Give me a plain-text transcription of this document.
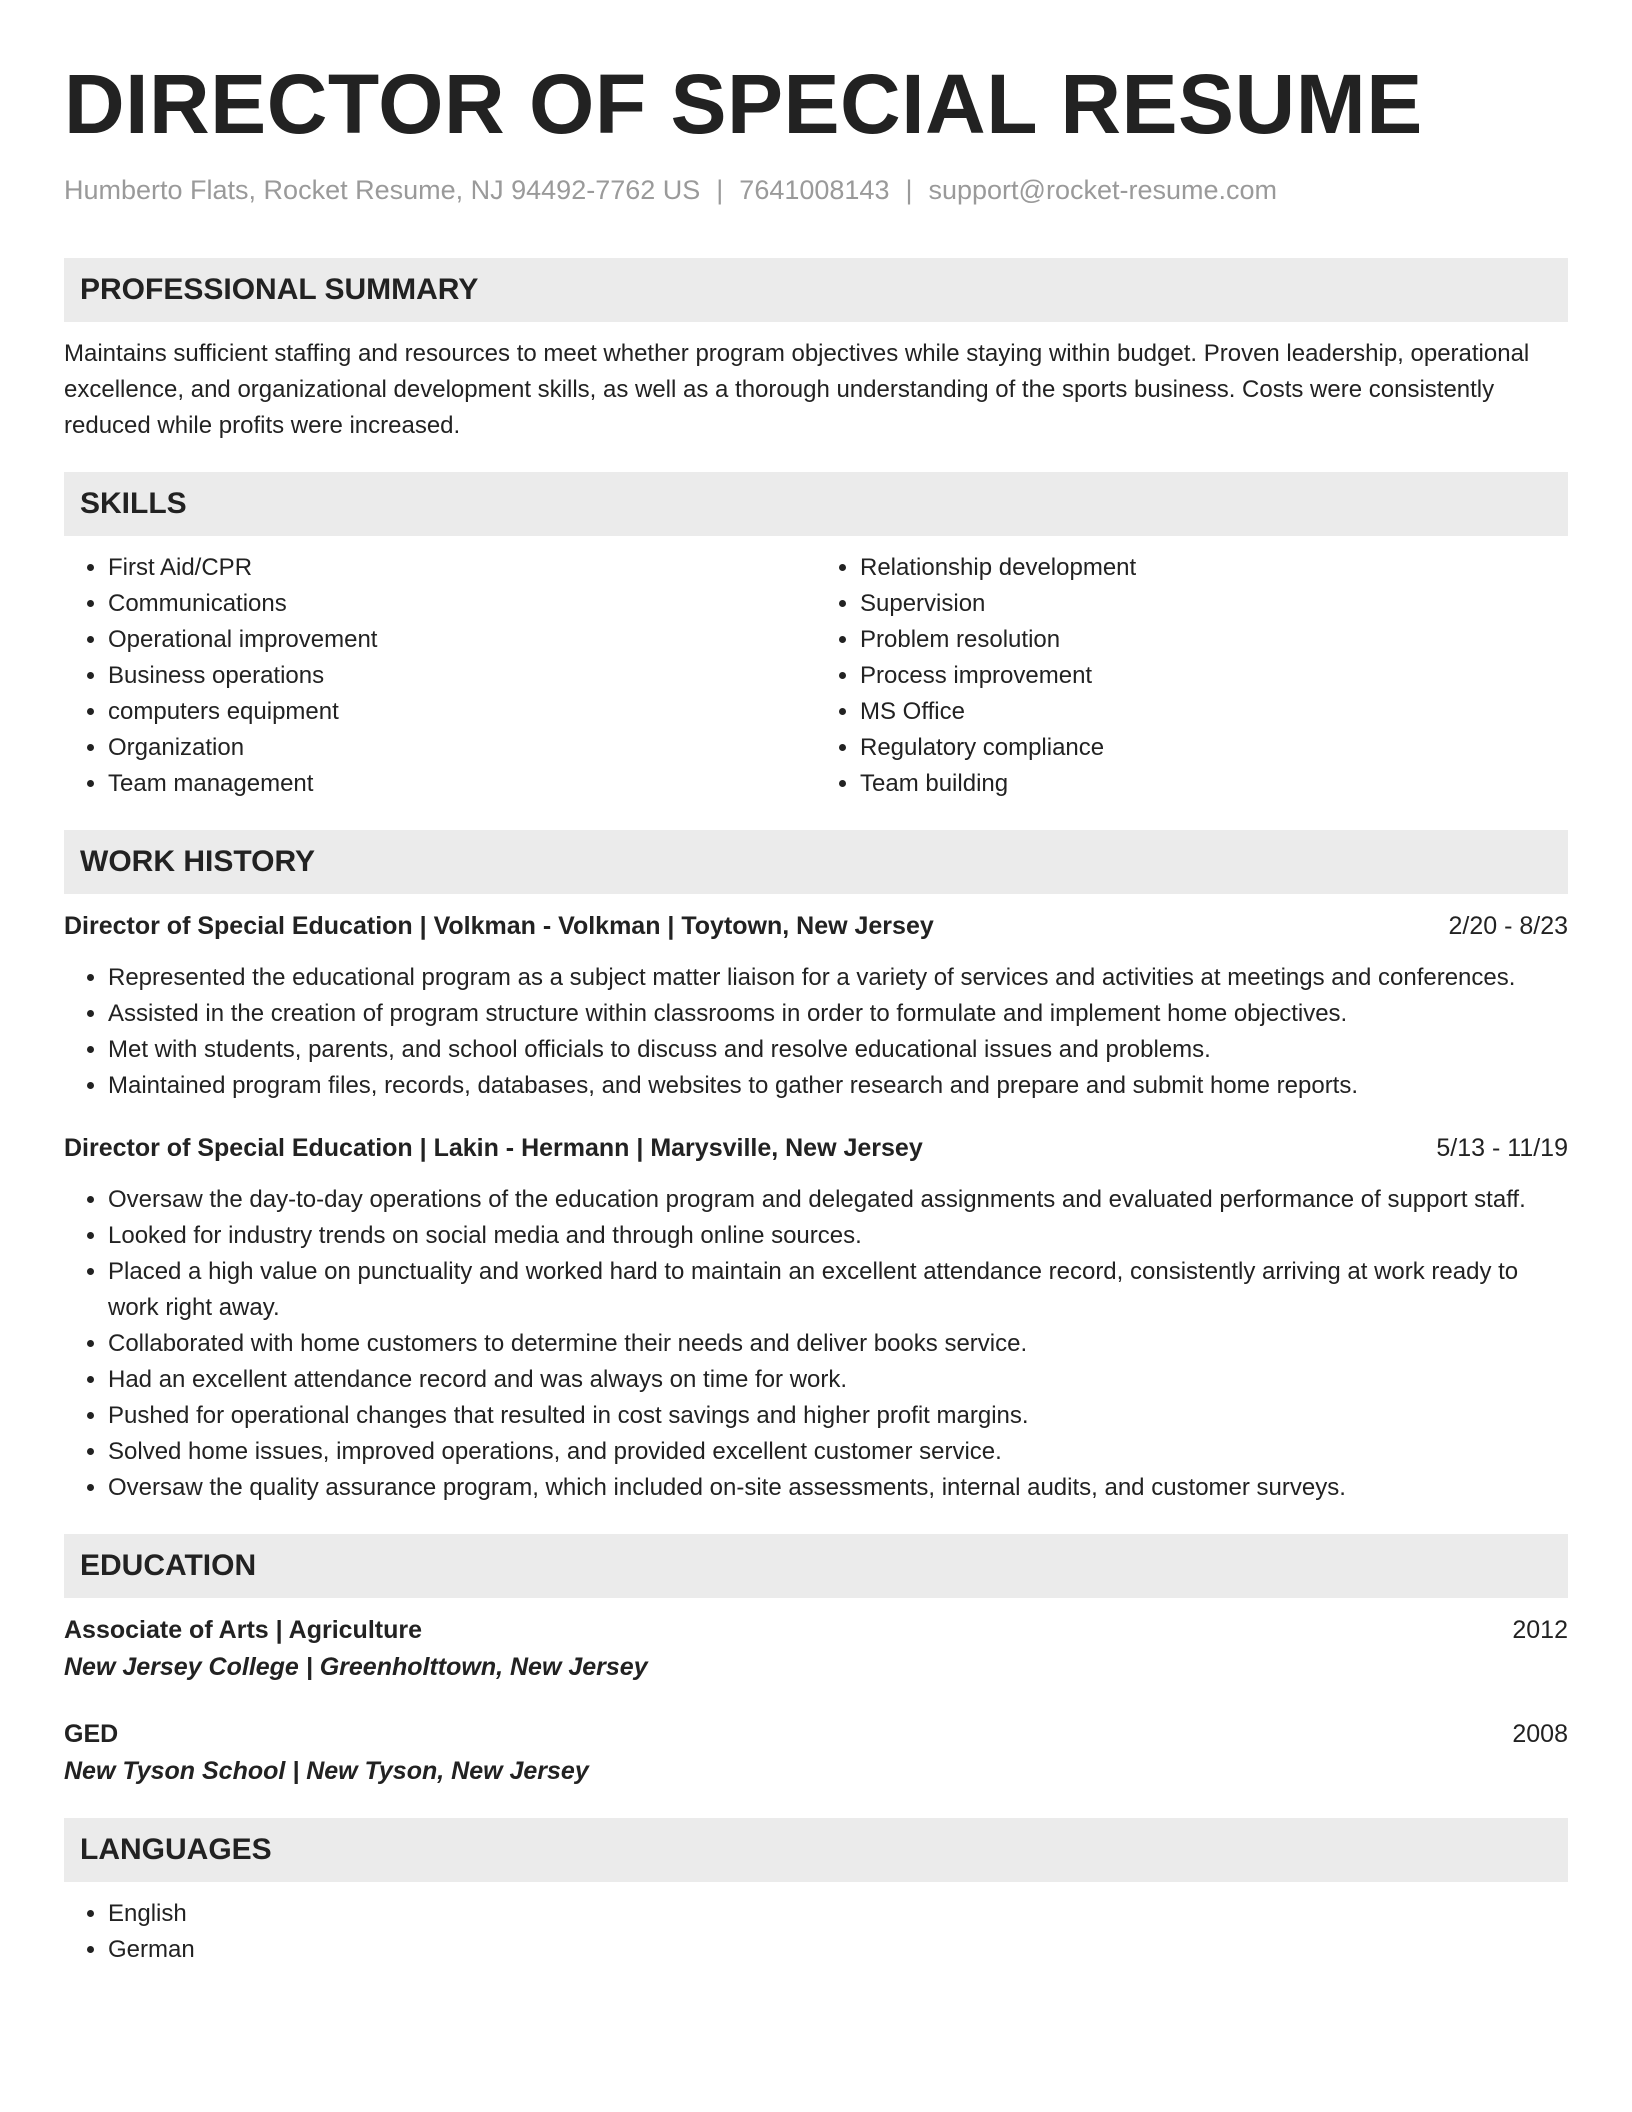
DIRECTOR OF SPECIAL RESUME
Humberto Flats, Rocket Resume, NJ 94492-7762 US | 7641008143 | support@rocket-resume.com
PROFESSIONAL SUMMARY
Maintains sufficient staffing and resources to meet whether program objectives while staying within budget. Proven leadership, operational excellence, and organizational development skills, as well as a thorough understanding of the sports business. Costs were consistently reduced while profits were increased.
SKILLS
• First Aid/CPR
• Communications
• Operational improvement
• Business operations
• computers equipment
• Organization
• Team management
• Relationship development
• Supervision
• Problem resolution
• Process improvement
• MS Office
• Regulatory compliance
• Team building
WORK HISTORY
Director of Special Education | Volkman - Volkman | Toytown, New Jersey	2/20 - 8/23
• Represented the educational program as a subject matter liaison for a variety of services and activities at meetings and conferences.
• Assisted in the creation of program structure within classrooms in order to formulate and implement home objectives.
• Met with students, parents, and school officials to discuss and resolve educational issues and problems.
• Maintained program files, records, databases, and websites to gather research and prepare and submit home reports.
Director of Special Education | Lakin - Hermann | Marysville, New Jersey	5/13 - 11/19
• Oversaw the day-to-day operations of the education program and delegated assignments and evaluated performance of support staff.
• Looked for industry trends on social media and through online sources.
• Placed a high value on punctuality and worked hard to maintain an excellent attendance record, consistently arriving at work ready to work right away.
• Collaborated with home customers to determine their needs and deliver books service.
• Had an excellent attendance record and was always on time for work.
• Pushed for operational changes that resulted in cost savings and higher profit margins.
• Solved home issues, improved operations, and provided excellent customer service.
• Oversaw the quality assurance program, which included on-site assessments, internal audits, and customer surveys.
EDUCATION
Associate of Arts | Agriculture	2012
New Jersey College | Greenholttown, New Jersey
GED	2008
New Tyson School | New Tyson, New Jersey
LANGUAGES
• English
• German
